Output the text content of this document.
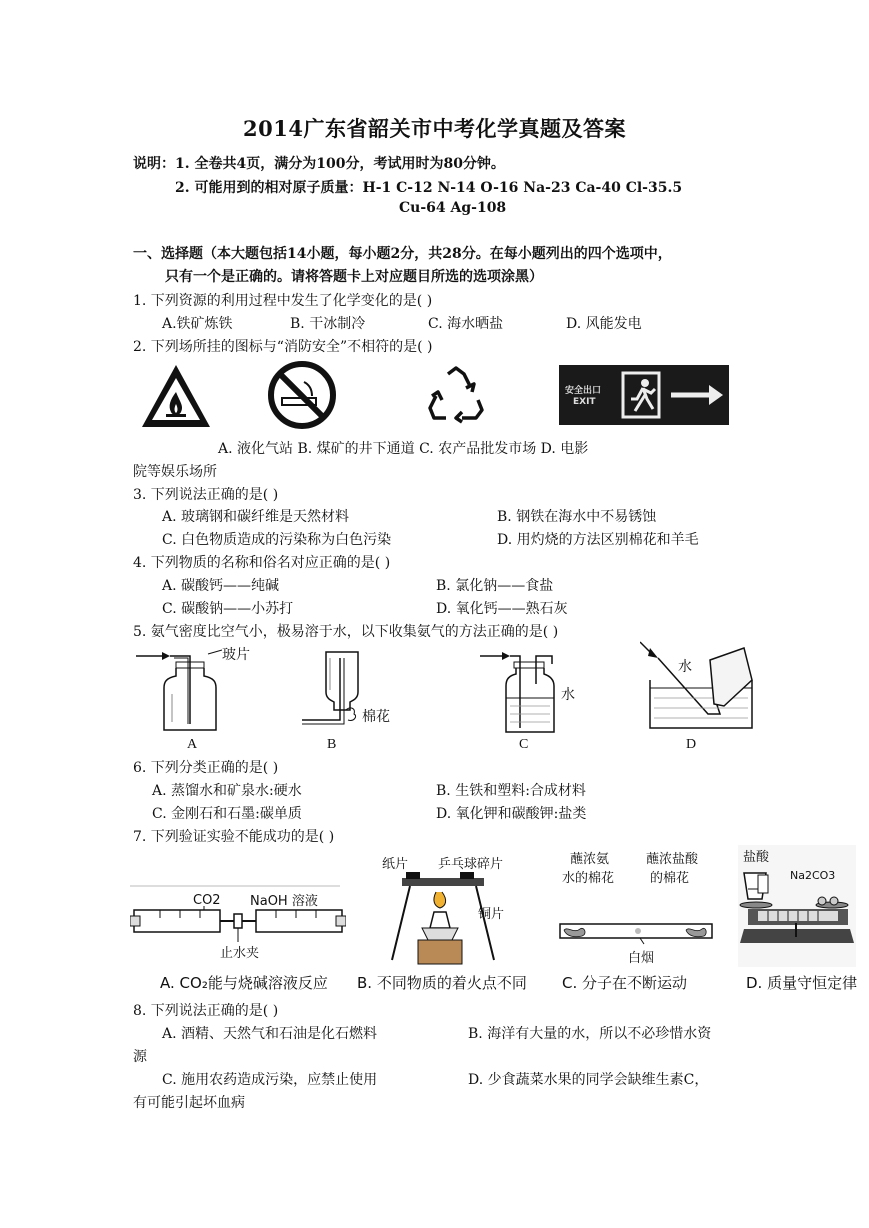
2014广东省韶关市中考化学真题及答案
说明：1. 全卷共4页，满分为100分，考试用时为80分钟。
2. 可能用到的相对原子质量：H-1 C-12 N-14 O-16 Na-23 Ca-40 Cl-35.5
Cu-64 Ag-108
一、选择题（本大题包括14小题，每小题2分，共28分。在每小题列出的四个选项中，
只有一个是正确的。请将答题卡上对应题目所选的选项涂黑）
1. 下列资源的利用过程中发生了化学变化的是( )
A.铁矿炼铁	B. 干冰制冷	C. 海水晒盐	D. 风能发电
2. 下列场所挂的图标与“消防安全”不相符的是( )
安全出口
EXIT
A. 液化气站 B. 煤矿的井下通道 C. 农产品批发市场 D. 电影
院等娱乐场所
3. 下列说法正确的是( )
A. 玻璃钢和碳纤维是天然材料	B. 钢铁在海水中不易锈蚀
C. 白色物质造成的污染称为白色污染	D. 用灼烧的方法区别棉花和羊毛
4. 下列物质的名称和俗名对应正确的是( )
A. 碳酸钙——纯碱	B. 氯化钠——食盐
C. 碳酸钠——小苏打	D. 氧化钙——熟石灰
5. 氨气密度比空气小，极易溶于水，以下收集氨气的方法正确的是( )
玻片
A
棉花
B
水
C
水
D
6. 下列分类正确的是( )
A. 蒸馏水和矿泉水:硬水	B. 生铁和塑料:合成材料
C. 金刚石和石墨:碳单质	D. 氧化钾和碳酸钾:盐类
7. 下列验证实验不能成功的是( )
CO2 NaOH 溶液
止水夹
纸片 乒乓球碎片
铜片
蘸浓氨
水的棉花
蘸浓盐酸
的棉花
白烟
盐酸
Na2CO3
A. CO₂能与烧碱溶液反应 B. 不同物质的着火点不同 C. 分子在不断运动	D. 质量守恒定律
8. 下列说法正确的是( )
A. 酒精、天然气和石油是化石燃料	B. 海洋有大量的水，所以不必珍惜水资
源
C. 施用农药造成污染，应禁止使用	D. 少食蔬菜水果的同学会缺维生素C，
有可能引起坏血病
